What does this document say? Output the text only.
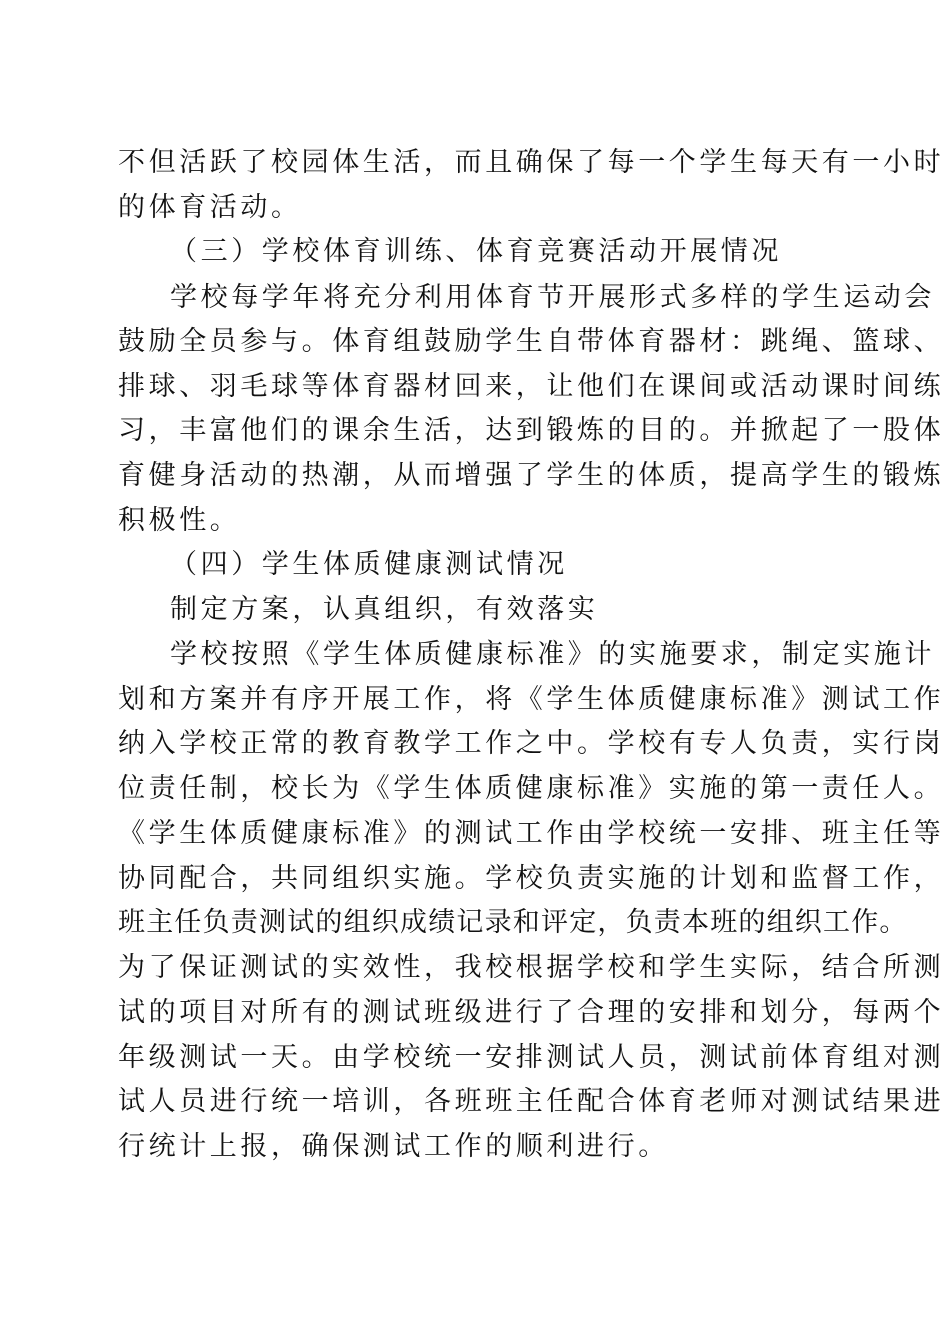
不但活跃了校园体生活，而且确保了每一个学生每天有一小时
的体育活动。
（三）学校体育训练、体育竞赛活动开展情况
学校每学年将充分利用体育节开展形式多样的学生运动会
鼓励全员参与。体育组鼓励学生自带体育器材：跳绳、篮球、
排球、羽毛球等体育器材回来，让他们在课间或活动课时间练
习，丰富他们的课余生活，达到锻炼的目的。并掀起了一股体
育健身活动的热潮，从而增强了学生的体质，提高学生的锻炼
积极性。
（四）学生体质健康测试情况
制定方案，认真组织，有效落实
学校按照《学生体质健康标准》的实施要求，制定实施计
划和方案并有序开展工作，将《学生体质健康标准》测试工作
纳入学校正常的教育教学工作之中。学校有专人负责，实行岗
位责任制，校长为《学生体质健康标准》实施的第一责任人。
《学生体质健康标准》的测试工作由学校统一安排、班主任等
协同配合，共同组织实施。学校负责实施的计划和监督工作，
班主任负责测试的组织成绩记录和评定，负责本班的组织工作。
为了保证测试的实效性，我校根据学校和学生实际，结合所测
试的项目对所有的测试班级进行了合理的安排和划分，每两个
年级测试一天。由学校统一安排测试人员，测试前体育组对测
试人员进行统一培训，各班班主任配合体育老师对测试结果进
行统计上报，确保测试工作的顺利进行。
